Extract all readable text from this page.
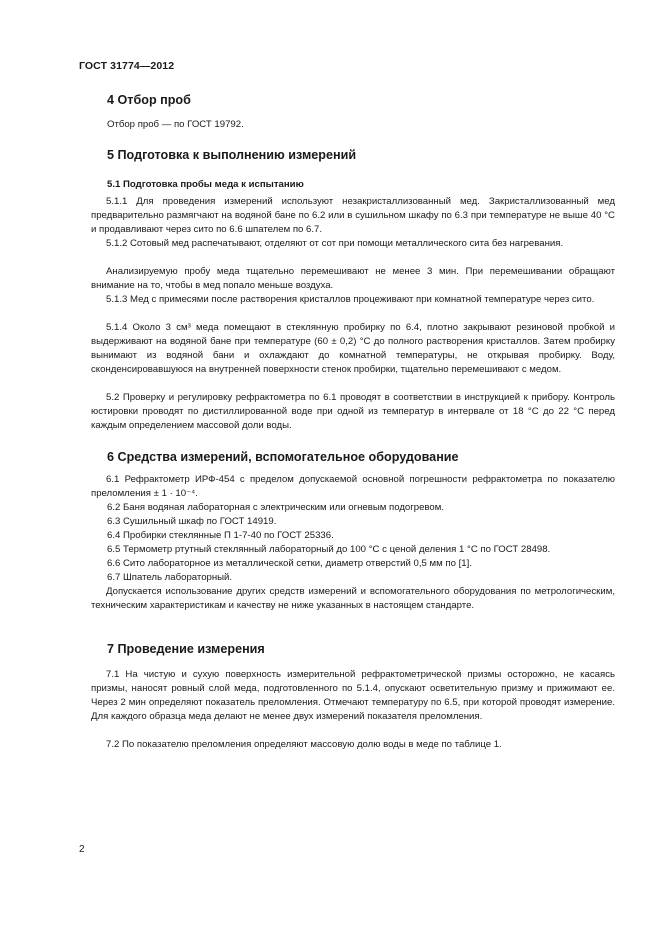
ГОСТ 31774—2012
4 Отбор проб
Отбор проб — по ГОСТ 19792.
5 Подготовка к выполнению измерений
5.1 Подготовка пробы меда к испытанию
5.1.1 Для проведения измерений используют незакристаллизованный мед. Закристаллизованный мед предварительно размягчают на водяной бане по 6.2 или в сушильном шкафу по 6.3 при температуре не выше 40 °С и продавливают через сито по 6.6 шпателем по 6.7.
5.1.2 Сотовый мед распечатывают, отделяют от сот при помощи металлического сита без нагревания.
Анализируемую пробу меда тщательно перемешивают не менее 3 мин. При перемешивании обращают внимание на то, чтобы в мед попало меньше воздуха.
5.1.3 Мед с примесями после растворения кристаллов процеживают при комнатной температуре через сито.
5.1.4 Около 3 см³ меда помещают в стеклянную пробирку по 6.4, плотно закрывают резиновой пробкой и выдерживают на водяной бане при температуре (60 ± 0,2) °С до полного растворения кристаллов. Затем пробирку вынимают из водяной бани и охлаждают до комнатной температуры, не открывая пробирку. Воду, сконденсировавшуюся на внутренней поверхности стенок пробирки, тщательно перемешивают с медом.
5.2 Проверку и регулировку рефрактометра по 6.1 проводят в соответствии в инструкцией к прибору. Контроль юстировки проводят по дистиллированной воде при одной из температур в интервале от 18 °С до 22 °С перед каждым определением массовой доли воды.
6 Средства измерений, вспомогательное оборудование
6.1 Рефрактометр ИРФ-454 с пределом допускаемой основной погрешности рефрактометра по показателю преломления ± 1 · 10⁻⁴.
6.2 Баня водяная лабораторная с электрическим или огневым подогревом.
6.3 Сушильный шкаф по ГОСТ 14919.
6.4 Пробирки стеклянные П 1-7-40 по ГОСТ 25336.
6.5 Термометр ртутный стеклянный лабораторный до 100 °С с ценой деления 1 °С по ГОСТ 28498.
6.6 Сито лабораторное из металлической сетки, диаметр отверстий 0,5 мм по [1].
6.7 Шпатель лабораторный.
Допускается использование других средств измерений и вспомогательного оборудования по метрологическим, техническим характеристикам и качеству не ниже указанных в настоящем стандарте.
7 Проведение измерения
7.1 На чистую и сухую поверхность измерительной рефрактометрической призмы осторожно, не касаясь призмы, наносят ровный слой меда, подготовленного по 5.1.4, опускают осветительную призму и прижимают ее. Через 2 мин определяют показатель преломления. Отмечают температуру по 6.5, при которой проводят измерение. Для каждого образца меда делают не менее двух измерений показателя преломления.
7.2 По показателю преломления определяют массовую долю воды в меде по таблице 1.
2
